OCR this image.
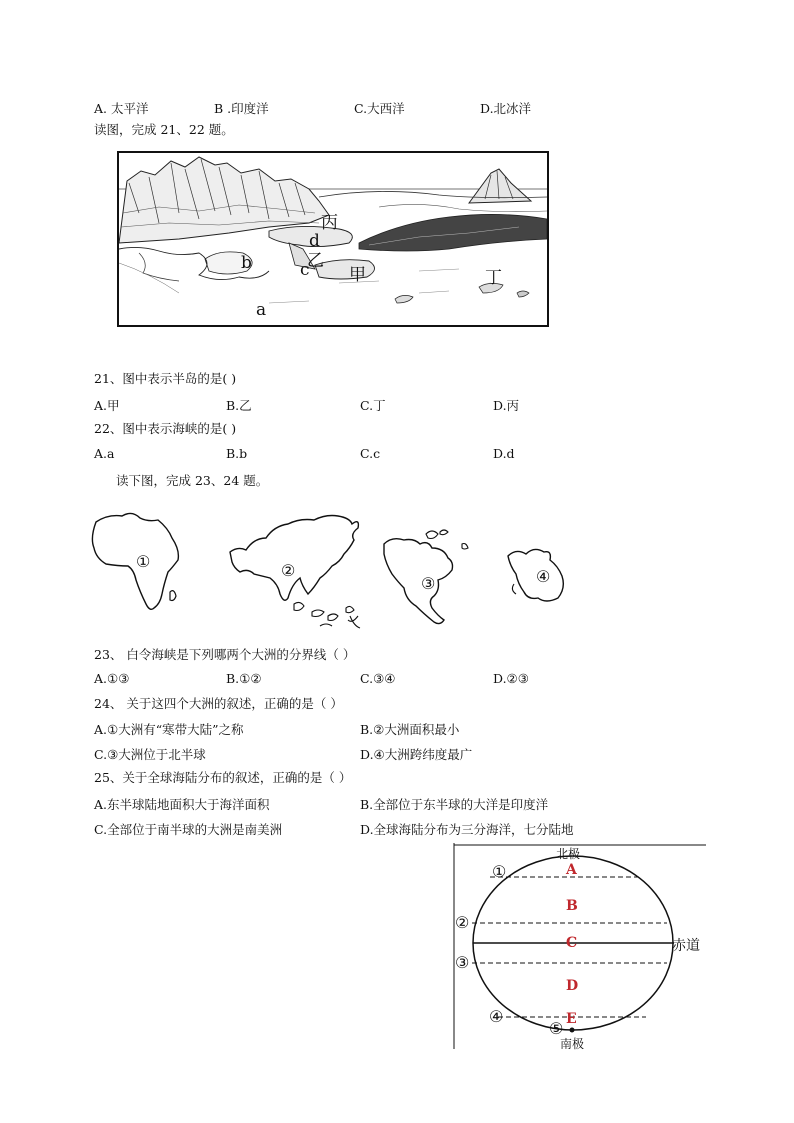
A. 太平洋	B .印度洋	C.大西洋	D.北冰洋
读图，完成 21、22 题。
丙
d
b	乙
c 甲	丁
a
21、图中表示半岛的是( )
A.甲	B.乙	C.丁	D.丙
22、图中表示海峡的是( )
A.a	B.b	C.c	D.d
读下图，完成 23、24 题。
①	②
③	④
23、 白令海峡是下列哪两个大洲的分界线（ ）
A.①③	B.①②	C.③④	D.②③
24、 关于这四个大洲的叙述，正确的是（ ）
A.①大洲有“寒带大陆”之称	B.②大洲面积最小
C.③大洲位于北半球	D.④大洲跨纬度最广
25、关于全球海陆分布的叙述，正确的是（ ）
A.东半球陆地面积大于海洋面积	B.全部位于东半球的大洋是印度洋
C.全部位于南半球的大洲是南美洲	D.全球海陆分布为三分海洋，七分陆地
北极
南极
赤道
A
B
C
D
E
①
②
③
④
⑤
